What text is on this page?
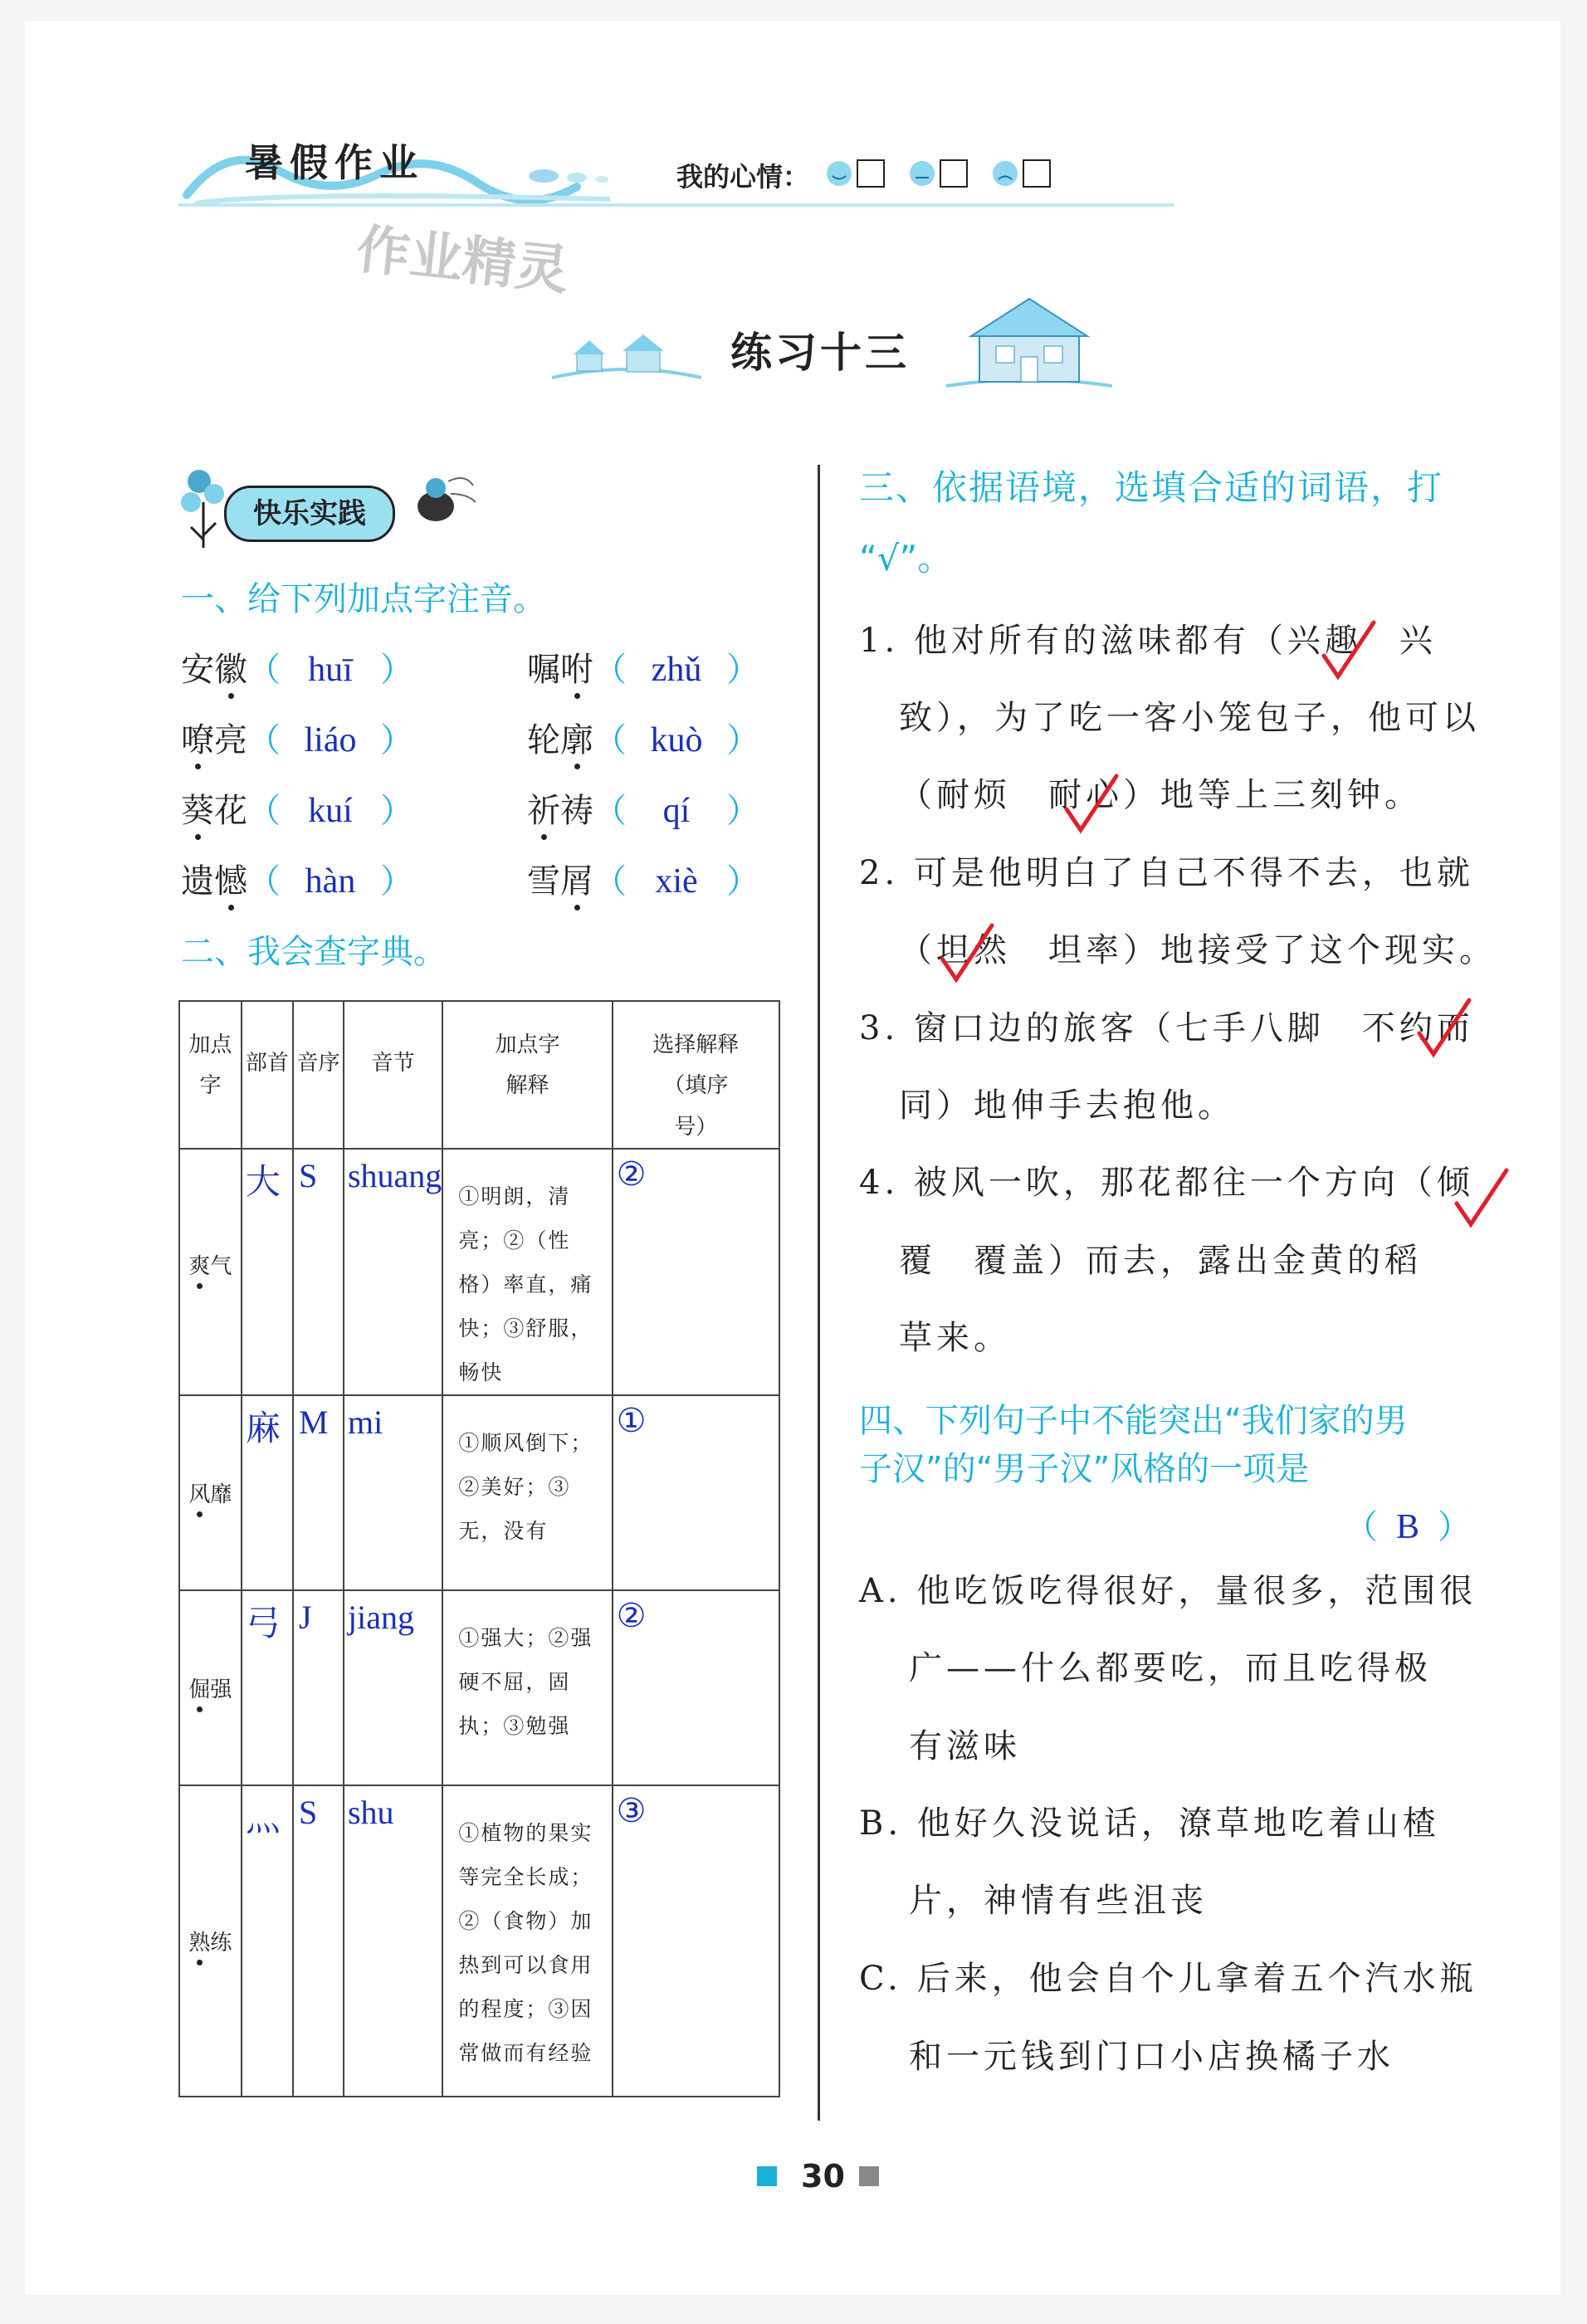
暑假作业	我的心情：
作业精灵
练习十三
快乐实践
一、给下列加点字注音。
安徽（ huī ）	嘱咐（ zhǔ ）
嘹亮（ liáo ）	轮廓（ kuò ）
葵花（ kuí ）	祈祷（ qí ）
遗憾（ hàn ）	雪屑（ xiè ）
二、我会查字典。
加点字	部首	音序	音节	加点字解释	选择解释（填序号）

爽气	大	S	shuang	①明朗，清亮；②（性格）率直，痛快；③舒服，畅快	②

风靡	麻	M	mi	①顺风倒下；②美好；③无，没有	①

倔强	弓	J	jiang	①强大；②强硬不屈，固执；③勉强	②

熟练	灬	S	shu	①植物的果实等完全长成；②（食物）加热到可以食用的程度；③因常做而有经验	③
三、依据语境，选填合适的词语，打
“√”。
1. 他对所有的滋味都有（兴趣　兴
致），为了吃一客小笼包子，他可以
（耐烦　耐心）地等上三刻钟。
2. 可是他明白了自己不得不去，也就
（坦然　坦率）地接受了这个现实。
3. 窗口边的旅客（七手八脚　不约而
同）地伸手去抱他。
4. 被风一吹，那花都往一个方向（倾
覆　覆盖）而去，露出金黄的稻
草来。
四、下列句子中不能突出“我们家的男
子汉”的“男子汉”风格的一项是
（ B ）
A. 他吃饭吃得很好，量很多，范围很
广——什么都要吃，而且吃得极
有滋味
B. 他好久没说话，潦草地吃着山楂
片，神情有些沮丧
C. 后来，他会自个儿拿着五个汽水瓶
和一元钱到门口小店换橘子水
30
